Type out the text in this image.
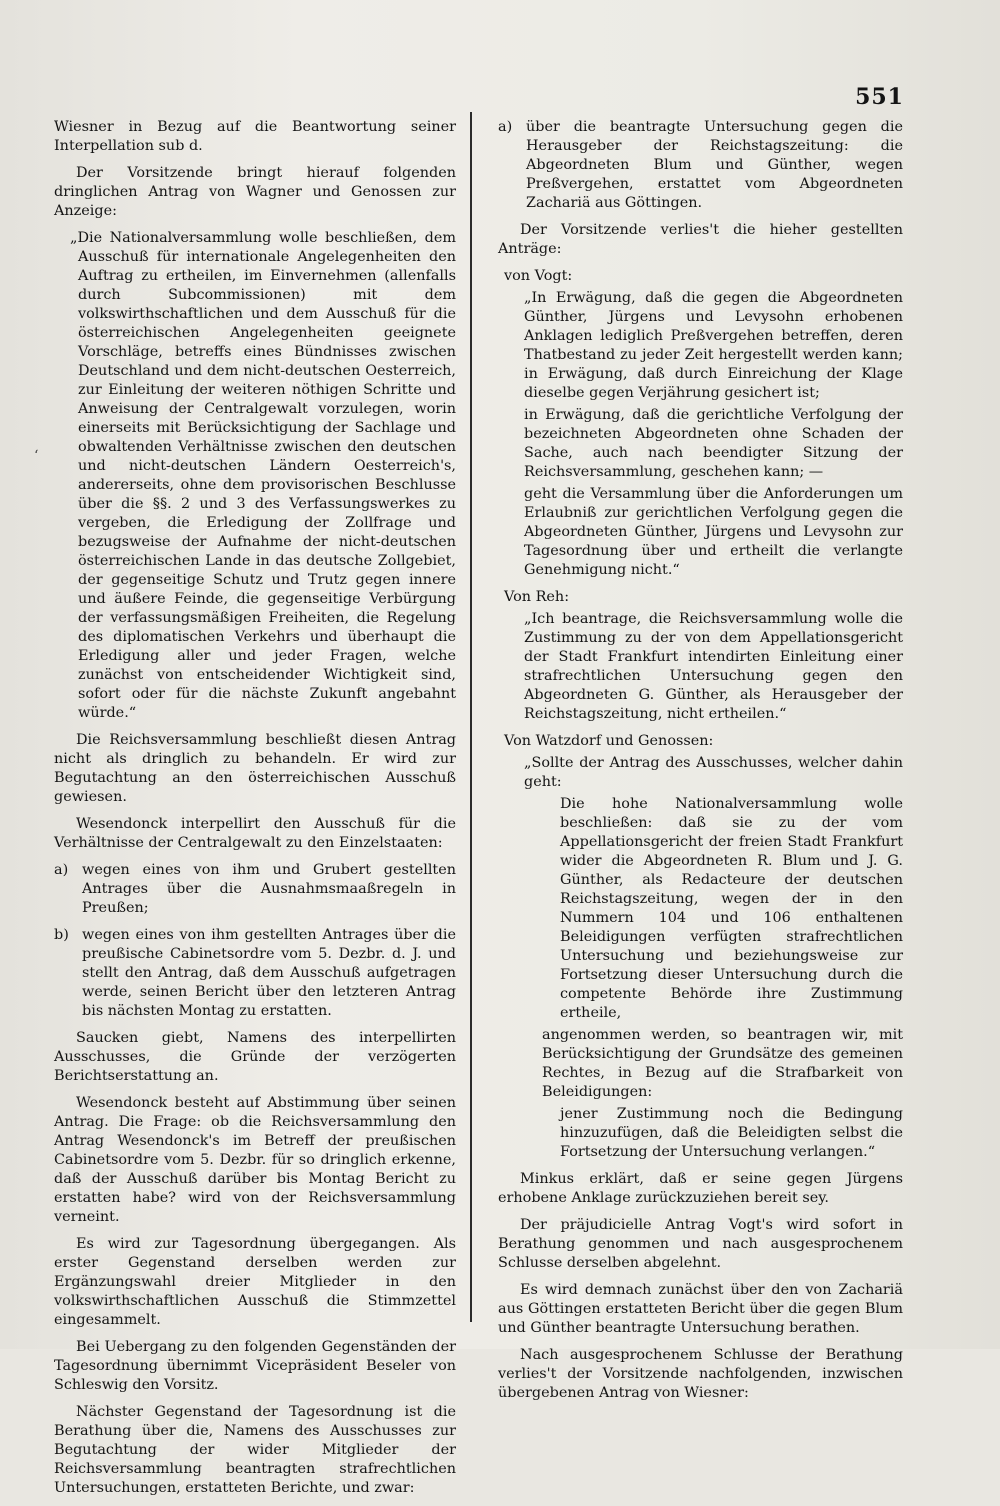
551
‘

Wiesner in Bezug auf die Beantwortung seiner Interpellation sub d.

Der Vorsitzende bringt hierauf folgenden dringlichen Antrag von Wagner und Genossen zur Anzeige:

„Die Nationalversammlung wolle beschließen, dem Ausschuß für internationale Angelegenheiten den Auftrag zu ertheilen, im Einvernehmen (allenfalls durch Subcommissionen) mit dem volkswirthschaftlichen und dem Ausschuß für die österreichischen Angelegenheiten geeignete Vorschläge, betreffs eines Bündnisses zwischen Deutschland und dem nicht-deutschen Oesterreich, zur Einleitung der weiteren nöthigen Schritte und Anweisung der Centralgewalt vorzulegen, worin einerseits mit Berücksichtigung der Sachlage und obwaltenden Verhältnisse zwischen den deutschen und nicht-deutschen Ländern Oesterreich's, andererseits, ohne dem provisorischen Beschlusse über die §§. 2 und 3 des Verfassungswerkes zu vergeben, die Erledigung der Zollfrage und bezugsweise der Aufnahme der nicht-deutschen österreichischen Lande in das deutsche Zollgebiet, der gegenseitige Schutz und Trutz gegen innere und äußere Feinde, die gegenseitige Verbürgung der verfassungsmäßigen Freiheiten, die Regelung des diplomatischen Verkehrs und überhaupt die Erledigung aller und jeder Fragen, welche zunächst von entscheidender Wichtigkeit sind, sofort oder für die nächste Zukunft angebahnt würde.“

Die Reichsversammlung beschließt diesen Antrag nicht als dringlich zu behandeln. Er wird zur Begutachtung an den österreichischen Ausschuß gewiesen.

Wesendonck interpellirt den Ausschuß für die Verhältnisse der Centralgewalt zu den Einzelstaaten:

a) wegen eines von ihm und Grubert gestellten Antrages über die Ausnahmsmaaßregeln in Preußen;
b) wegen eines von ihm gestellten Antrages über die preußische Cabinetsordre vom 5. Dezbr. d. J. und stellt den Antrag, daß dem Ausschuß aufgetragen werde, seinen Bericht über den letzteren Antrag bis nächsten Montag zu erstatten.

Saucken giebt, Namens des interpellirten Ausschusses, die Gründe der verzögerten Berichtserstattung an.

Wesendonck besteht auf Abstimmung über seinen Antrag. Die Frage: ob die Reichsversammlung den Antrag Wesendonck's im Betreff der preußischen Cabinetsordre vom 5. Dezbr. für so dringlich erkenne, daß der Ausschuß darüber bis Montag Bericht zu erstatten habe? wird von der Reichsversammlung verneint.

Es wird zur Tagesordnung übergegangen. Als erster Gegenstand derselben werden zur Ergänzungswahl dreier Mitglieder in den volkswirthschaftlichen Ausschuß die Stimmzettel eingesammelt.

Bei Uebergang zu den folgenden Gegenständen der Tagesordnung übernimmt Vicepräsident Beseler von Schleswig den Vorsitz.

Nächster Gegenstand der Tagesordnung ist die Berathung über die, Namens des Ausschusses zur Begutachtung der wider Mitglieder der Reichsversammlung beantragten strafrechtlichen Untersuchungen, erstatteten Berichte, und zwar:

a) über die beantragte Untersuchung gegen die Herausgeber der Reichstagszeitung: die Abgeordneten Blum und Günther, wegen Preßvergehen, erstattet vom Abgeordneten Zachariä aus Göttingen.

Der Vorsitzende verlies't die hieher gestellten Anträge:

von Vogt:

„In Erwägung, daß die gegen die Abgeordneten Günther, Jürgens und Levysohn erhobenen Anklagen lediglich Preßvergehen betreffen, deren Thatbestand zu jeder Zeit hergestellt werden kann; in Erwägung, daß durch Einreichung der Klage dieselbe gegen Verjährung gesichert ist;

in Erwägung, daß die gerichtliche Verfolgung der bezeichneten Abgeordneten ohne Schaden der Sache, auch nach beendigter Sitzung der Reichsversammlung, geschehen kann; —

geht die Versammlung über die Anforderungen um Erlaubniß zur gerichtlichen Verfolgung gegen die Abgeordneten Günther, Jürgens und Levysohn zur Tagesordnung über und ertheilt die verlangte Genehmigung nicht.“

Von Reh:

„Ich beantrage, die Reichsversammlung wolle die Zustimmung zu der von dem Appellationsgericht der Stadt Frankfurt intendirten Einleitung einer strafrechtlichen Untersuchung gegen den Abgeordneten G. Günther, als Herausgeber der Reichstagszeitung, nicht ertheilen.“

Von Watzdorf und Genossen:

„Sollte der Antrag des Ausschusses, welcher dahin geht:

Die hohe Nationalversammlung wolle beschließen: daß sie zu der vom Appellationsgericht der freien Stadt Frankfurt wider die Abgeordneten R. Blum und J. G. Günther, als Redacteure der deutschen Reichstagszeitung, wegen der in den Nummern 104 und 106 enthaltenen Beleidigungen verfügten strafrechtlichen Untersuchung und beziehungsweise zur Fortsetzung dieser Untersuchung durch die competente Behörde ihre Zustimmung ertheile,

angenommen werden, so beantragen wir, mit Berücksichtigung der Grundsätze des gemeinen Rechtes, in Bezug auf die Strafbarkeit von Beleidigungen:

jener Zustimmung noch die Bedingung hinzuzufügen, daß die Beleidigten selbst die Fortsetzung der Untersuchung verlangen.“

Minkus erklärt, daß er seine gegen Jürgens erhobene Anklage zurückzuziehen bereit sey.

Der präjudicielle Antrag Vogt's wird sofort in Berathung genommen und nach ausgesprochenem Schlusse derselben abgelehnt.

Es wird demnach zunächst über den von Zachariä aus Göttingen erstatteten Bericht über die gegen Blum und Günther beantragte Untersuchung berathen.

Nach ausgesprochenem Schlusse der Berathung verlies't der Vorsitzende nachfolgenden, inzwischen übergebenen Antrag von Wiesner:
